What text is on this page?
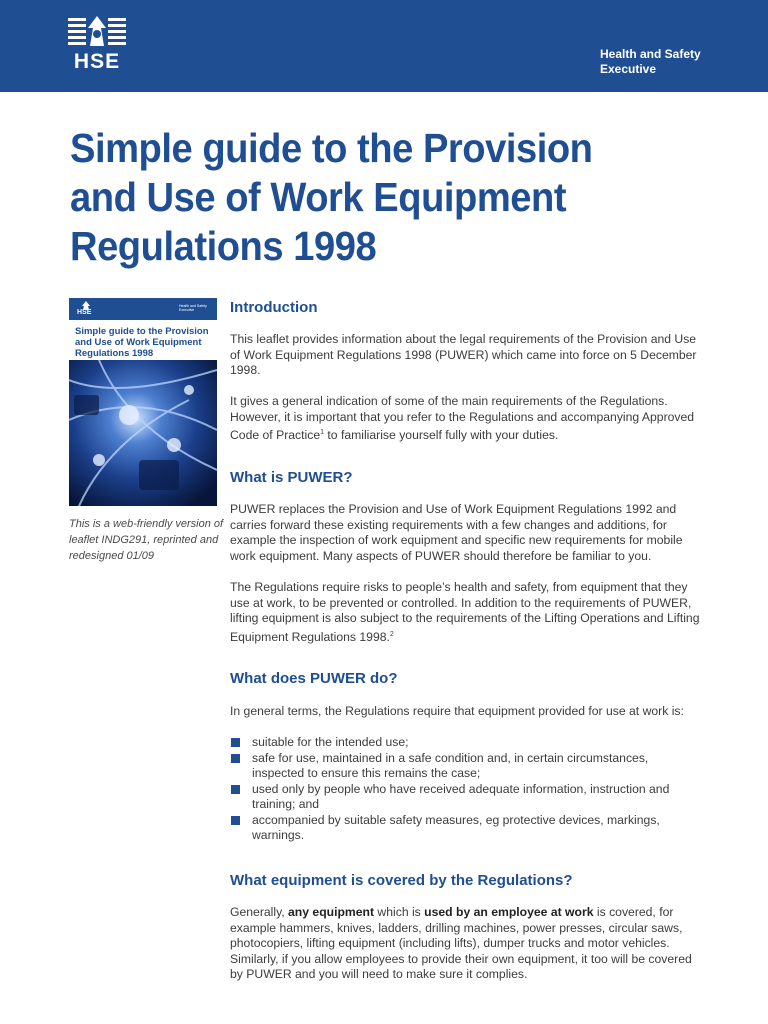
HSE	Health and Safety
Executive
Simple guide to the Provision
and Use of Work Equipment
Regulations 1998
HSE
Health and Safety Executive
Simple guide to the Provision
and Use of Work Equipment
Regulations 1998
This is a web-friendly version of leaflet INDG291, reprinted and redesigned 01/09
Introduction

This leaflet provides information about the legal requirements of the Provision and Use of Work Equipment Regulations 1998 (PUWER) which came into force on 5 December 1998.

It gives a general indication of some of the main requirements of the Regulations. However, it is important that you refer to the Regulations and accompanying Approved Code of Practice$^1$ to familiarise yourself fully with your duties.

What is PUWER?

PUWER replaces the Provision and Use of Work Equipment Regulations 1992 and carries forward these existing requirements with a few changes and additions, for example the inspection of work equipment and specific new requirements for mobile work equipment. Many aspects of PUWER should therefore be familiar to you.

The Regulations require risks to people’s health and safety, from equipment that they use at work, to be prevented or controlled. In addition to the requirements of PUWER, lifting equipment is also subject to the requirements of the Lifting Operations and Lifting Equipment Regulations 1998.$^2$

What does PUWER do?

In general terms, the Regulations require that equipment provided for use at work is:

suitable for the intended use;
safe for use, maintained in a safe condition and, in certain circumstances, inspected to ensure this remains the case;
used only by people who have received adequate information, instruction and training; and
accompanied by suitable safety measures, eg protective devices, markings, warnings.
What equipment is covered by the Regulations?

Generally, any equipment which is used by an employee at work is covered, for example hammers, knives, ladders, drilling machines, power presses, circular saws, photocopiers, lifting equipment (including lifts), dumper trucks and motor vehicles. Similarly, if you allow employees to provide their own equipment, it too will be covered by PUWER and you will need to make sure it complies.
